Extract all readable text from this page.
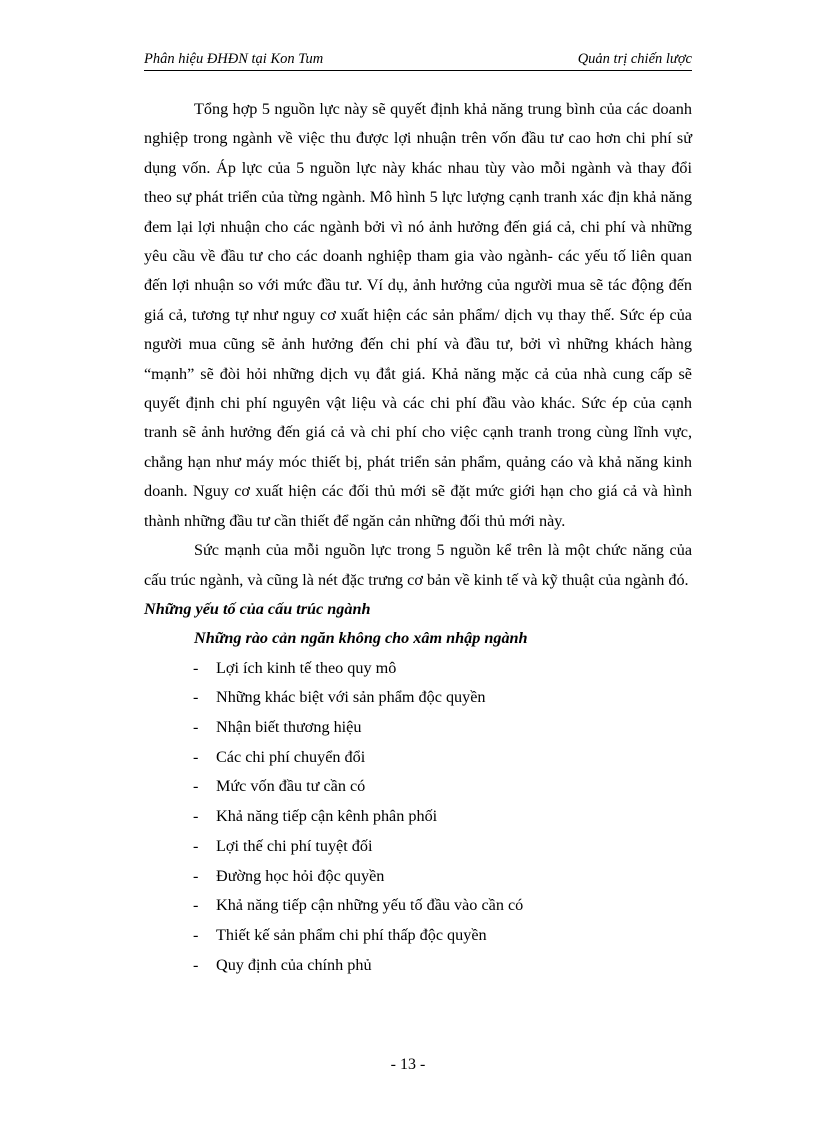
Phân hiệu ĐHĐN tại Kon Tum	Quản trị chiến lược

Tổng hợp 5 nguồn lực này sẽ quyết định khả năng trung bình của các doanh nghiệp trong ngành về việc thu được lợi nhuận trên vốn đầu tư cao hơn chi phí sử dụng vốn. Áp lực của 5 nguồn lực này khác nhau tùy vào mỗi ngành và thay đổi theo sự phát triển của từng ngành. Mô hình 5 lực lượng cạnh tranh xác địn khả năng đem lại lợi nhuận cho các ngành bởi vì nó ảnh hưởng đến giá cả, chi phí và những yêu cầu về đầu tư cho các doanh nghiệp tham gia vào ngành- các yếu tố liên quan đến lợi nhuận so với mức đầu tư. Ví dụ, ảnh hưởng của người mua sẽ tác động đến giá cả, tương tự như nguy cơ xuất hiện các sản phẩm/ dịch vụ thay thế. Sức ép của người mua cũng sẽ ảnh hưởng đến chi phí và đầu tư, bởi vì những khách hàng “mạnh” sẽ đòi hỏi những dịch vụ đắt giá. Khả năng mặc cả của nhà cung cấp sẽ quyết định chi phí nguyên vật liệu và các chi phí đầu vào khác. Sức ép của cạnh tranh sẽ ảnh hưởng đến giá cả và chi phí cho việc cạnh tranh trong cùng lĩnh vực, chẳng hạn như máy móc thiết bị, phát triển sản phẩm, quảng cáo và khả năng kinh doanh. Nguy cơ xuất hiện các đối thủ mới sẽ đặt mức giới hạn cho giá cả và hình thành những đầu tư cần thiết để ngăn cản những đối thủ mới này.

Sức mạnh của mỗi nguồn lực trong 5 nguồn kể trên là một chức năng của cấu trúc ngành, và cũng là nét đặc trưng cơ bản về kinh tế và kỹ thuật của ngành đó.

Những yếu tố của cấu trúc ngành

Những rào cản ngăn không cho xâm nhập ngành

- Lợi ích kinh tế theo quy mô
- Những khác biệt với sản phẩm độc quyền
- Nhận biết thương hiệu
- Các chi phí chuyển đổi
- Mức vốn đầu tư cần có
- Khả năng tiếp cận kênh phân phối
- Lợi thế chi phí tuyệt đối
- Đường học hỏi độc quyền
- Khả năng tiếp cận những yếu tố đầu vào cần có
- Thiết kế sản phẩm chi phí thấp độc quyền
- Quy định của chính phủ
- 13 -
